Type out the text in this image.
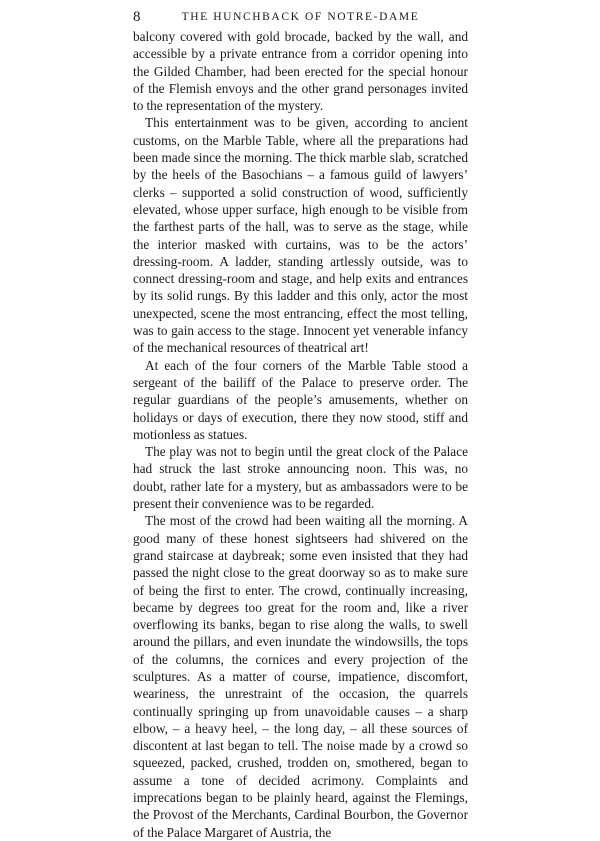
8	THE HUNCHBACK OF NOTRE-DAME

balcony covered with gold brocade, backed by the wall, and accessible by a private entrance from a corridor opening into the Gilded Chamber, had been erected for the special honour of the Flemish envoys and the other grand personages invited to the representation of the mystery.

This entertainment was to be given, according to ancient customs, on the Marble Table, where all the preparations had been made since the morning. The thick marble slab, scratched by the heels of the Basochians – a famous guild of lawyers’ clerks – supported a solid construction of wood, sufficiently elevated, whose upper surface, high enough to be visible from the farthest parts of the hall, was to serve as the stage, while the interior masked with curtains, was to be the actors’ dressing-room. A ladder, standing artlessly outside, was to connect dressing-room and stage, and help exits and entrances by its solid rungs. By this ladder and this only, actor the most unexpected, scene the most entrancing, effect the most telling, was to gain access to the stage. Innocent yet venerable infancy of the mechanical resources of theatrical art!

At each of the four corners of the Marble Table stood a sergeant of the bailiff of the Palace to preserve order. The regular guardians of the people’s amusements, whether on holidays or days of execution, there they now stood, stiff and motionless as statues.

The play was not to begin until the great clock of the Palace had struck the last stroke announcing noon. This was, no doubt, rather late for a mystery, but as ambassadors were to be present their convenience was to be regarded.

The most of the crowd had been waiting all the morning. A good many of these honest sightseers had shivered on the grand staircase at daybreak; some even insisted that they had passed the night close to the great doorway so as to make sure of being the first to enter. The crowd, continually increasing, became by degrees too great for the room and, like a river overflowing its banks, began to rise along the walls, to swell around the pillars, and even inundate the windowsills, the tops of the columns, the cornices and every projection of the sculptures. As a matter of course, impatience, discomfort, weariness, the unrestraint of the occasion, the quarrels continually springing up from unavoidable causes – a sharp elbow, – a heavy heel, – the long day, – all these sources of discontent at last began to tell. The noise made by a crowd so squeezed, packed, crushed, trodden on, smothered, began to assume a tone of decided acrimony. Complaints and imprecations began to be plainly heard, against the Flemings, the Provost of the Merchants, Cardinal Bourbon, the Governor of the Palace Margaret of Austria, the
